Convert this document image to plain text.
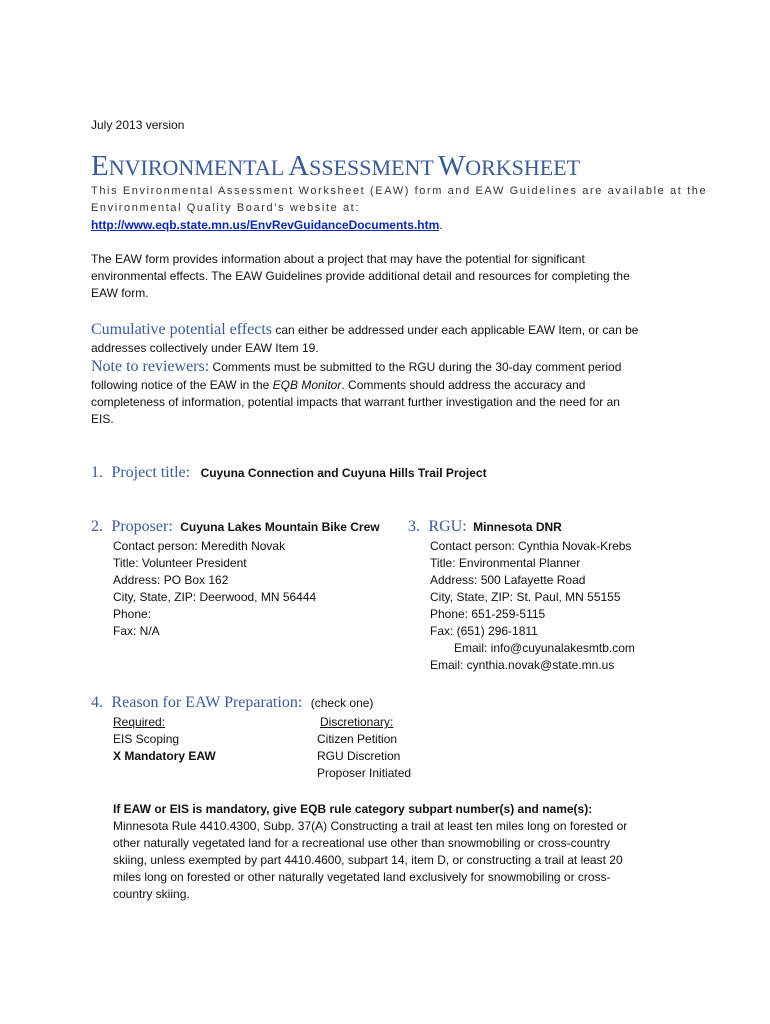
July 2013 version
ENVIRONMENTAL ASSESSMENT WORKSHEET
This Environmental Assessment Worksheet (EAW) form and EAW Guidelines are available at the
Environmental Quality Board’s website at:
http://www.eqb.state.mn.us/EnvRevGuidanceDocuments.htm.
The EAW form provides information about a project that may have the potential for significant
environmental effects. The EAW Guidelines provide additional detail and resources for completing the
EAW form.
Cumulative potential effects can either be addressed under each applicable EAW Item, or can be
addresses collectively under EAW Item 19.
Note to reviewers: Comments must be submitted to the RGU during the 30-day comment period
following notice of the EAW in the EQB Monitor. Comments should address the accuracy and
completeness of information, potential impacts that warrant further investigation and the need for an
EIS.
1. Project title: Cuyuna Connection and Cuyuna Hills Trail Project
2. Proposer: Cuyuna Lakes Mountain Bike Crew
Contact person: Meredith Novak
Title: Volunteer President
Address: PO Box 162
City, State, ZIP: Deerwood, MN 56444
Phone:
Fax: N/A
3. RGU: Minnesota DNR
Contact person: Cynthia Novak-Krebs
Title: Environmental Planner
Address: 500 Lafayette Road
City, State, ZIP: St. Paul, MN 55155
Phone: 651-259-5115
Fax: (651) 296-1811
Email: info@cuyunalakesmtb.com
Email: cynthia.novak@state.mn.us
4. Reason for EAW Preparation: (check one)
Required:
EIS Scoping
X Mandatory EAW
Discretionary:
Citizen Petition
RGU Discretion
Proposer Initiated
If EAW or EIS is mandatory, give EQB rule category subpart number(s) and name(s):
Minnesota Rule 4410.4300, Subp. 37(A) Constructing a trail at least ten miles long on forested or
other naturally vegetated land for a recreational use other than snowmobiling or cross-country
skiing, unless exempted by part 4410.4600, subpart 14, item D, or constructing a trail at least 20
miles long on forested or other naturally vegetated land exclusively for snowmobiling or cross-
country skiing.
